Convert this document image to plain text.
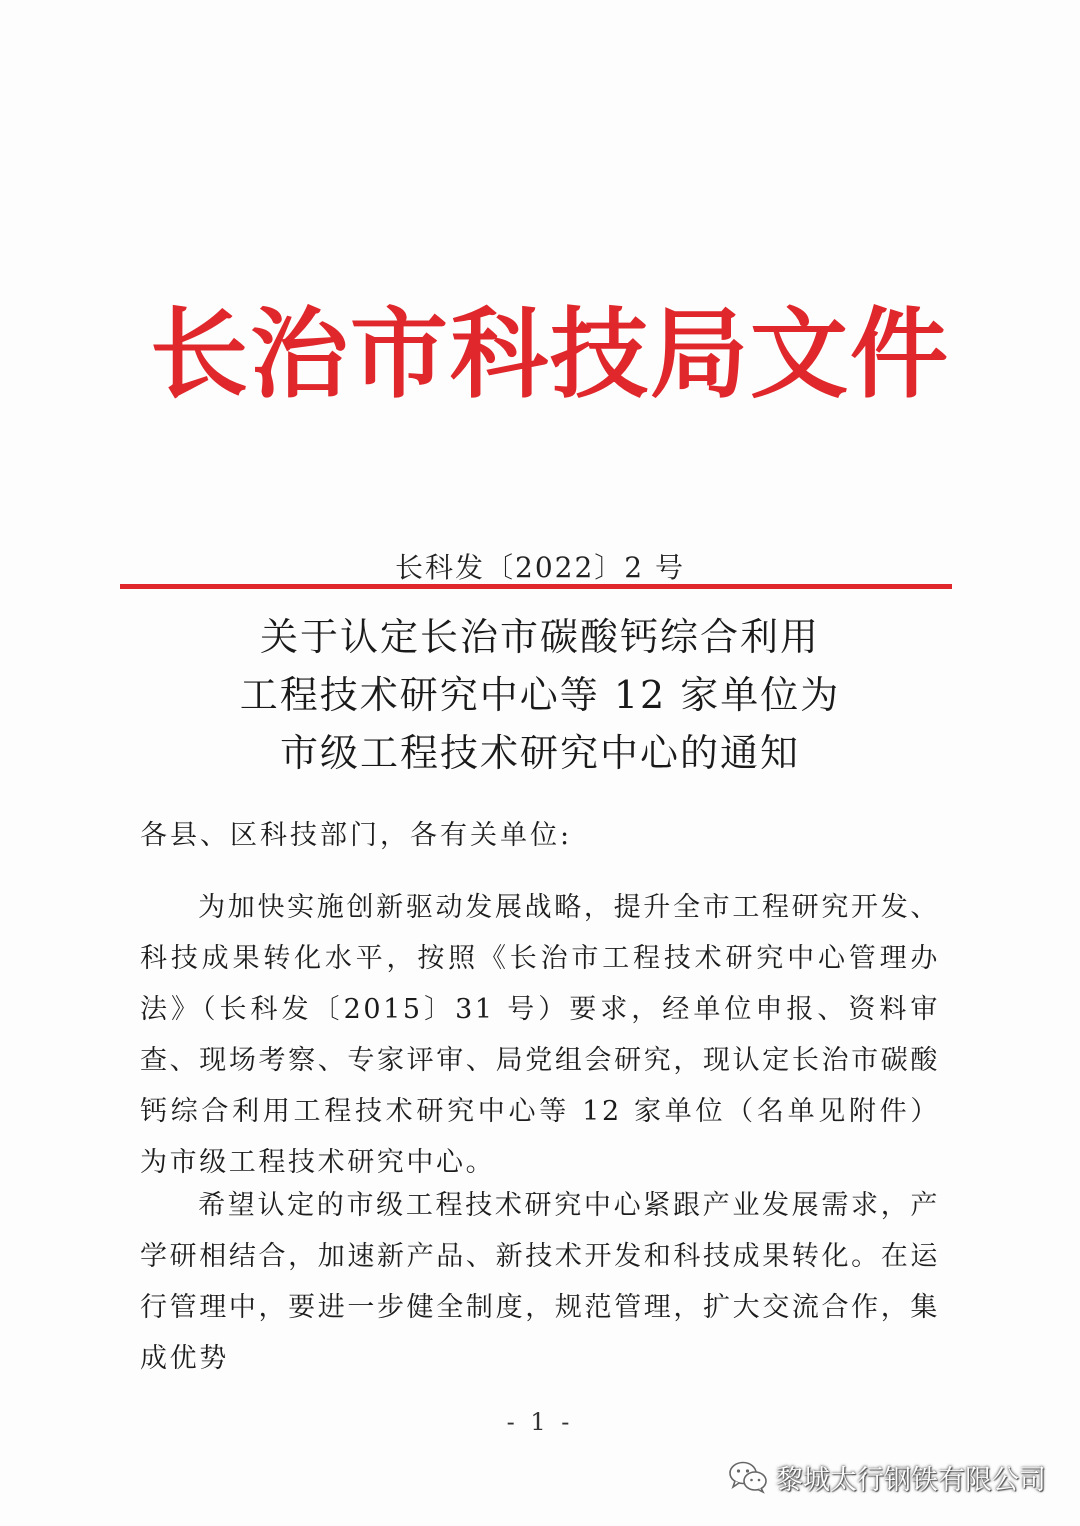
长治市科技局文件
长科发〔2022〕2 号
关于认定长治市碳酸钙综合利用
工程技术研究中心等 12 家单位为
市级工程技术研究中心的通知
各县、区科技部门，各有关单位:
为加快实施创新驱动发展战略，提升全市工程研究开发、科技成果转化水平，按照《长治市工程技术研究中心管理办法》（长科发〔2015〕31 号）要求，经单位申报、资料审查、现场考察、专家评审、局党组会研究，现认定长治市碳酸钙综合利用工程技术研究中心等 12 家单位（名单见附件）为市级工程技术研究中心。
希望认定的市级工程技术研究中心紧跟产业发展需求，产学研相结合，加速新产品、新技术开发和科技成果转化。在运行管理中，要进一步健全制度，规范管理，扩大交流合作，集成优势
- 1 -
黎城太行钢铁有限公司
